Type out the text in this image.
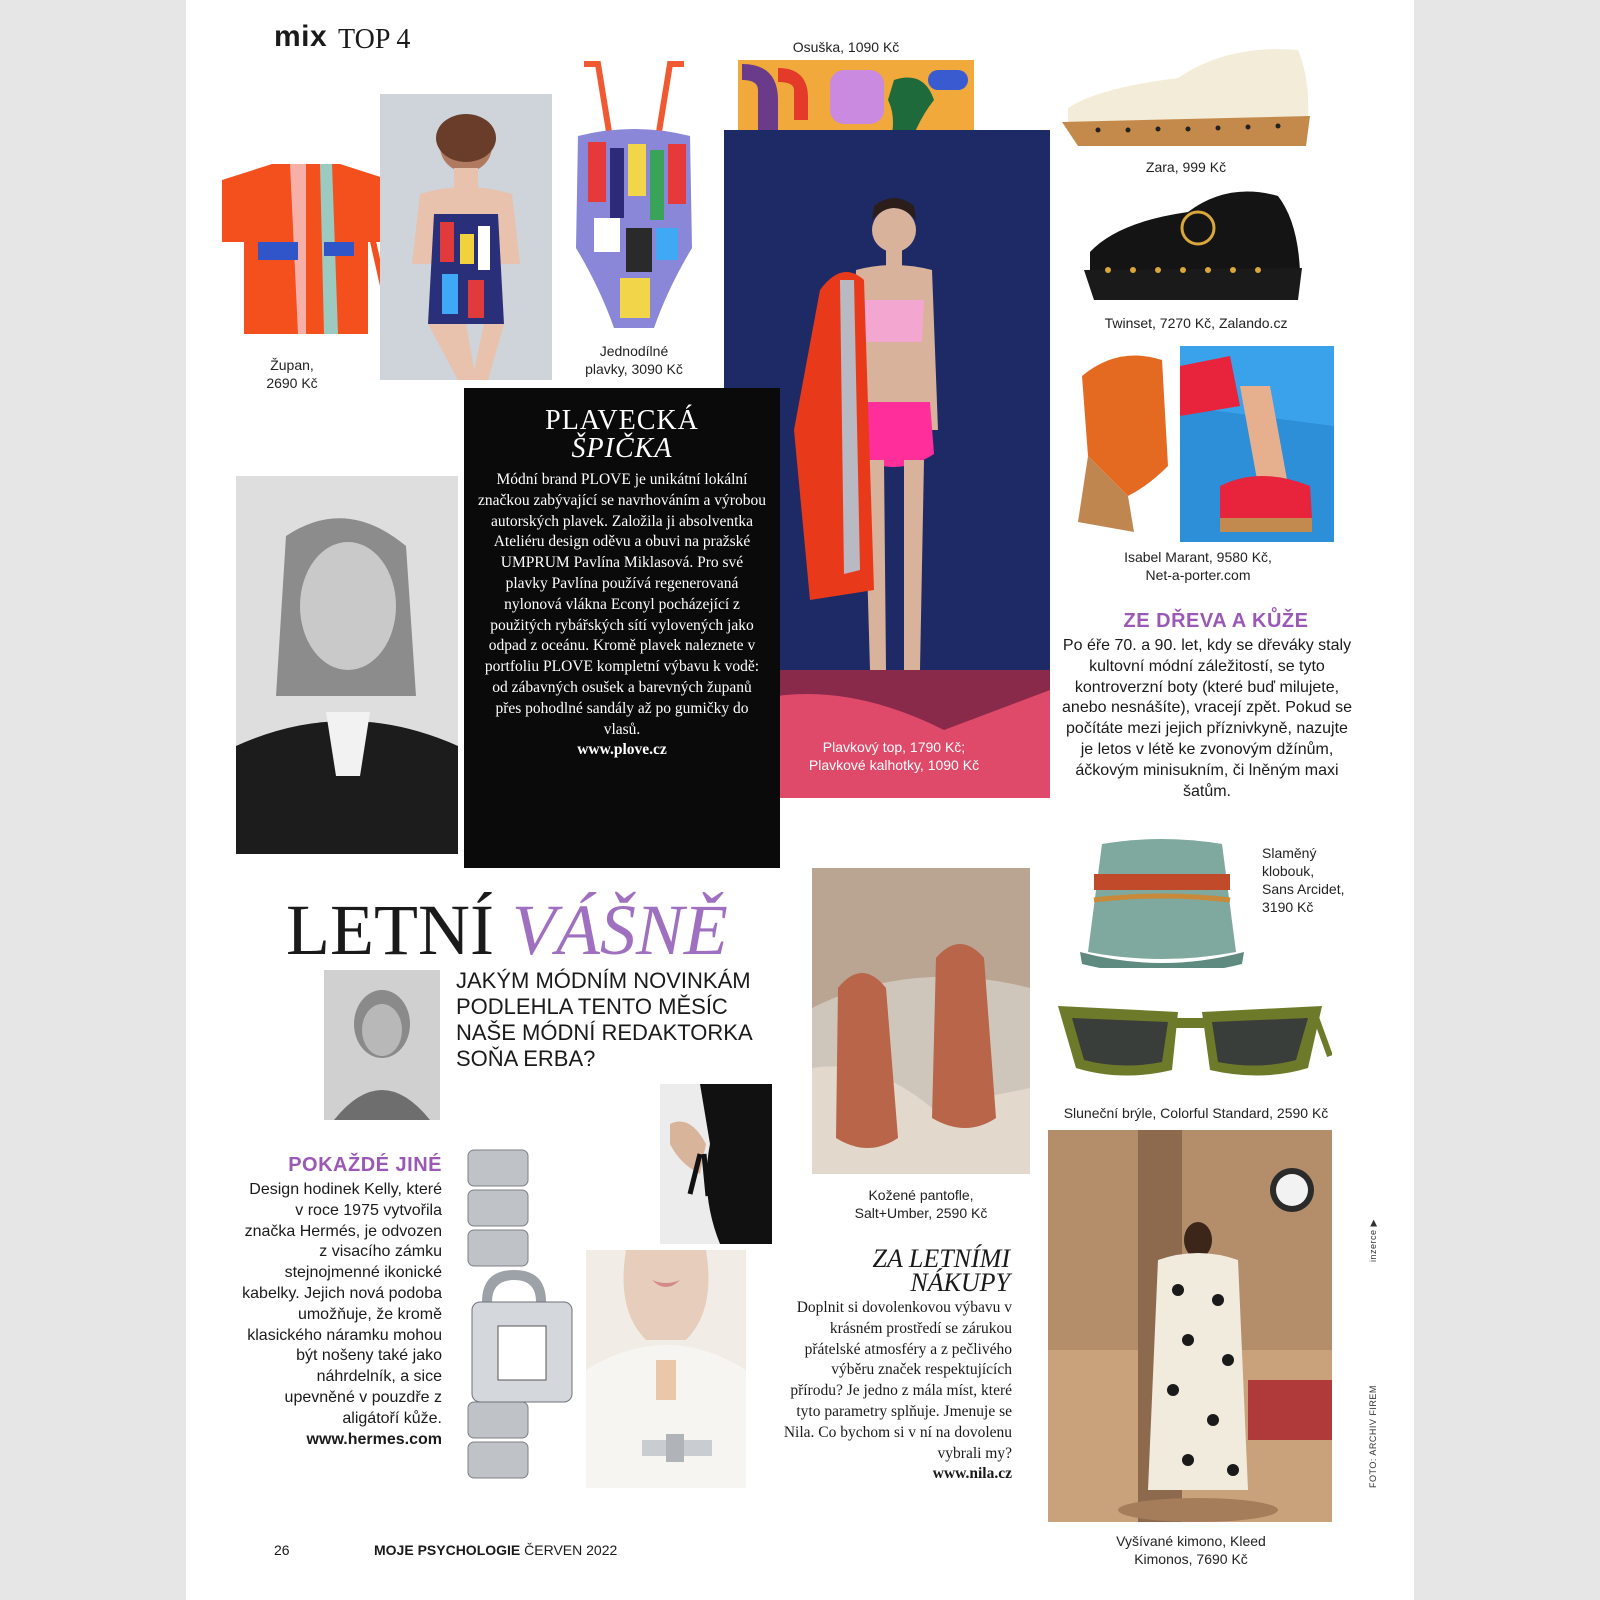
mix TOP 4
Župan,
2690 Kč
Jednodílné
plavky, 3090 Kč
Osuška, 1090 Kč
Plavkový top, 1790 Kč;
Plavkové kalhotky, 1090 Kč
Zara, 999 Kč
Twinset, 7270 Kč, Zalando.cz
Isabel Marant, 9580 Kč,
Net-a-porter.com
ZE DŘEVA A KŮŽE
Po éře 70. a 90. let, kdy se dřeváky staly kultovní módní záležitostí, se tyto kontroverzní boty (které buď milujete, anebo nesnášíte), vracejí zpět. Pokud se počítáte mezi jejich příznivkyně, nazujte je letos v létě ke zvonovým džínům, áčkovým minisukním, či lněným maxi šatům.
PLAVECKÁ
ŠPIČKA
Módní brand PLOVE je unikátní lokální značkou zabývající se navrhováním a výrobou autorských plavek. Založila ji absolventka Ateliéru design oděvu a obuvi na pražské UMPRUM Pavlína Miklasová. Pro své plavky Pavlína používá regenerovaná nylonová vlákna Econyl pocházející z použitých rybářských sítí vylovených jako odpad z oceánu. Kromě plavek naleznete v portfoliu PLOVE kompletní výbavu k vodě: od zábavných osušek a barevných županů přes pohodlné sandály až po gumičky do vlasů.
www.plove.cz
LETNÍ VÁŠNĚ
JAKÝM MÓDNÍM NOVINKÁM PODLEHLA TENTO MĚSÍC NAŠE MÓDNÍ REDAKTORKA SOŇA ERBA?
POKAŽDÉ JINÉ
Design hodinek Kelly, které v roce 1975 vytvořila značka Hermés, je odvozen z visacího zámku stejnojmenné ikonické kabelky. Jejich nová podoba umožňuje, že kromě klasického náramku mohou být nošeny také jako náhrdelník, a sice upevněné v pouzdře z aligátoří kůže.
www.hermes.com
Kožené pantofle,
Salt+Umber, 2590 Kč
Slaměný
klobouk,
Sans Arcidet,
3190 Kč
Sluneční brýle, Colorful Standard, 2590 Kč
Vyšívané kimono, Kleed
Kimonos, 7690 Kč
ZA LETNÍMI
NÁKUPY
Doplnit si dovolenkovou výbavu v krásném prostředí se zárukou přátelské atmosféry a z pečlivého výběru značek respektujících přírodu? Je jedno z mála míst, které tyto parametry splňuje. Jmenuje se Nila. Co bychom si v ní na dovolenu vybrali my?
www.nila.cz
inzerce ▶
FOTO: ARCHIV FIREM
26	MOJE PSYCHOLOGIE ČERVEN 2022
